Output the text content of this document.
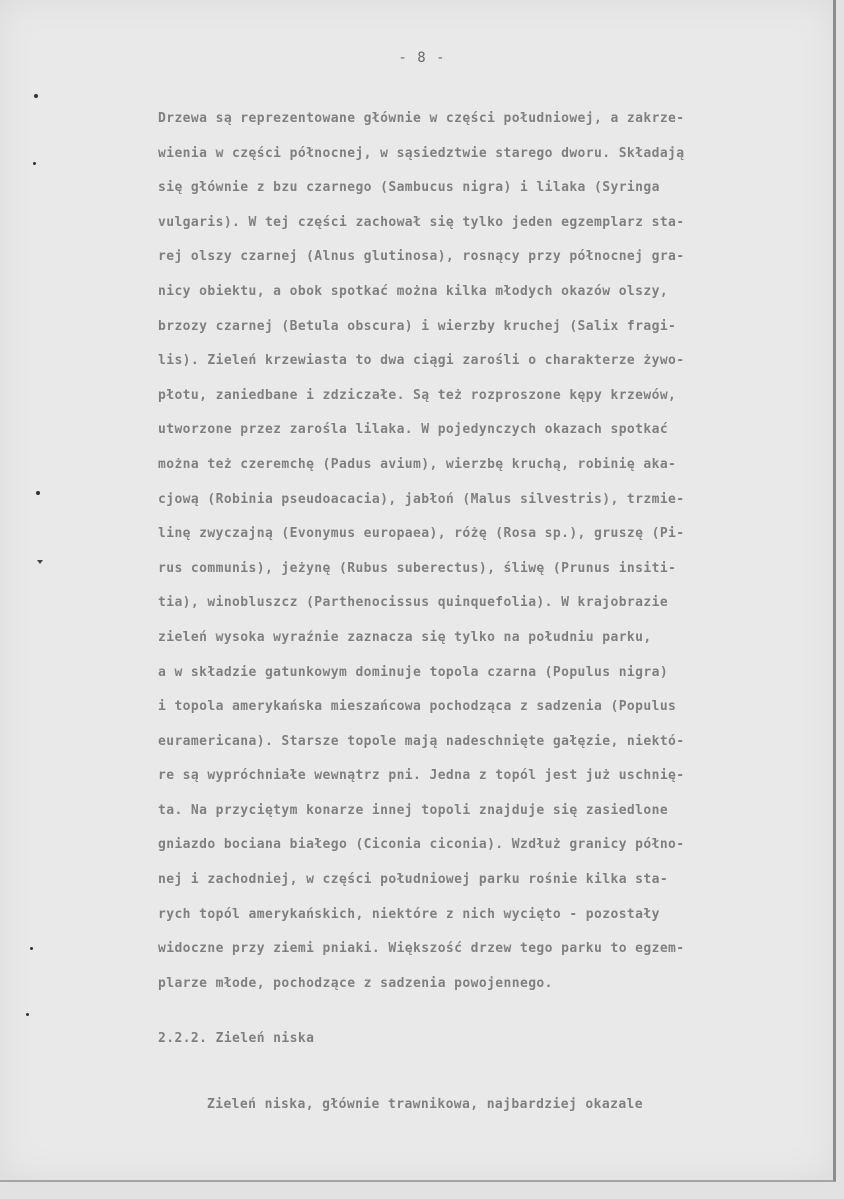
- 8 -
Drzewa są reprezentowane głównie w części południowej, a zakrze-
wienia w części północnej, w sąsiedztwie starego dworu. Składają
się głównie z bzu czarnego (Sambucus nigra) i lilaka (Syringa
vulgaris). W tej części zachował się tylko jeden egzemplarz sta-
rej olszy czarnej (Alnus glutinosa), rosnący przy północnej gra-
nicy obiektu, a obok spotkać można kilka młodych okazów olszy,
brzozy czarnej (Betula obscura) i wierzby kruchej (Salix fragi-
lis). Zieleń krzewiasta to dwa ciągi zarośli o charakterze żywo-
płotu, zaniedbane i zdziczałe. Są też rozproszone kępy krzewów,
utworzone przez zarośla lilaka. W pojedynczych okazach spotkać
można też czeremchę (Padus avium), wierzbę kruchą, robinię aka-
cjową (Robinia pseudoacacia), jabłoń (Malus silvestris), trzmie-
linę zwyczajną (Evonymus europaea), różę (Rosa sp.), gruszę (Pi-
rus communis), jeżynę (Rubus suberectus), śliwę (Prunus insiti-
tia), winobluszcz (Parthenocissus quinquefolia). W krajobrazie
zieleń wysoka wyraźnie zaznacza się tylko na południu parku,
a w składzie gatunkowym dominuje topola czarna (Populus nigra)
i topola amerykańska mieszańcowa pochodząca z sadzenia (Populus
euramericana). Starsze topole mają nadeschnięte gałęzie, niektó-
re są wypróchniałe wewnątrz pni. Jedna z topól jest już uschnię-
ta. Na przyciętym konarze innej topoli znajduje się zasiedlone
gniazdo bociana białego (Ciconia ciconia). Wzdłuż granicy półno-
nej i zachodniej, w części południowej parku rośnie kilka sta-
rych topól amerykańskich, niektóre z nich wycięto - pozostały
widoczne przy ziemi pniaki. Większość drzew tego parku to egzem-
plarze młode, pochodzące z sadzenia powojennego.
2.2.2. Zieleń niska
Zieleń niska, głównie trawnikowa, najbardziej okazale
